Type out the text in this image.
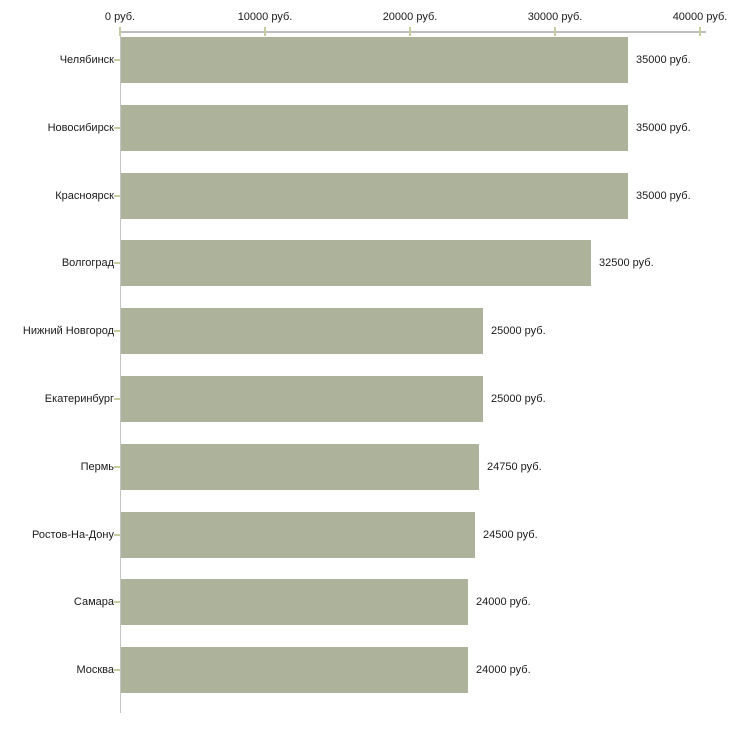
0 руб.	10000 руб.	20000 руб.	30000 руб.	40000 руб.
Челябинск	35000 руб.
Новосибирск	35000 руб.
Красноярск	35000 руб.
Волгоград	32500 руб.
Нижний Новгород	25000 руб.
Екатеринбург	25000 руб.
Пермь	24750 руб.
Ростов-На-Дону	24500 руб.
Самара	24000 руб.
Москва	24000 руб.
